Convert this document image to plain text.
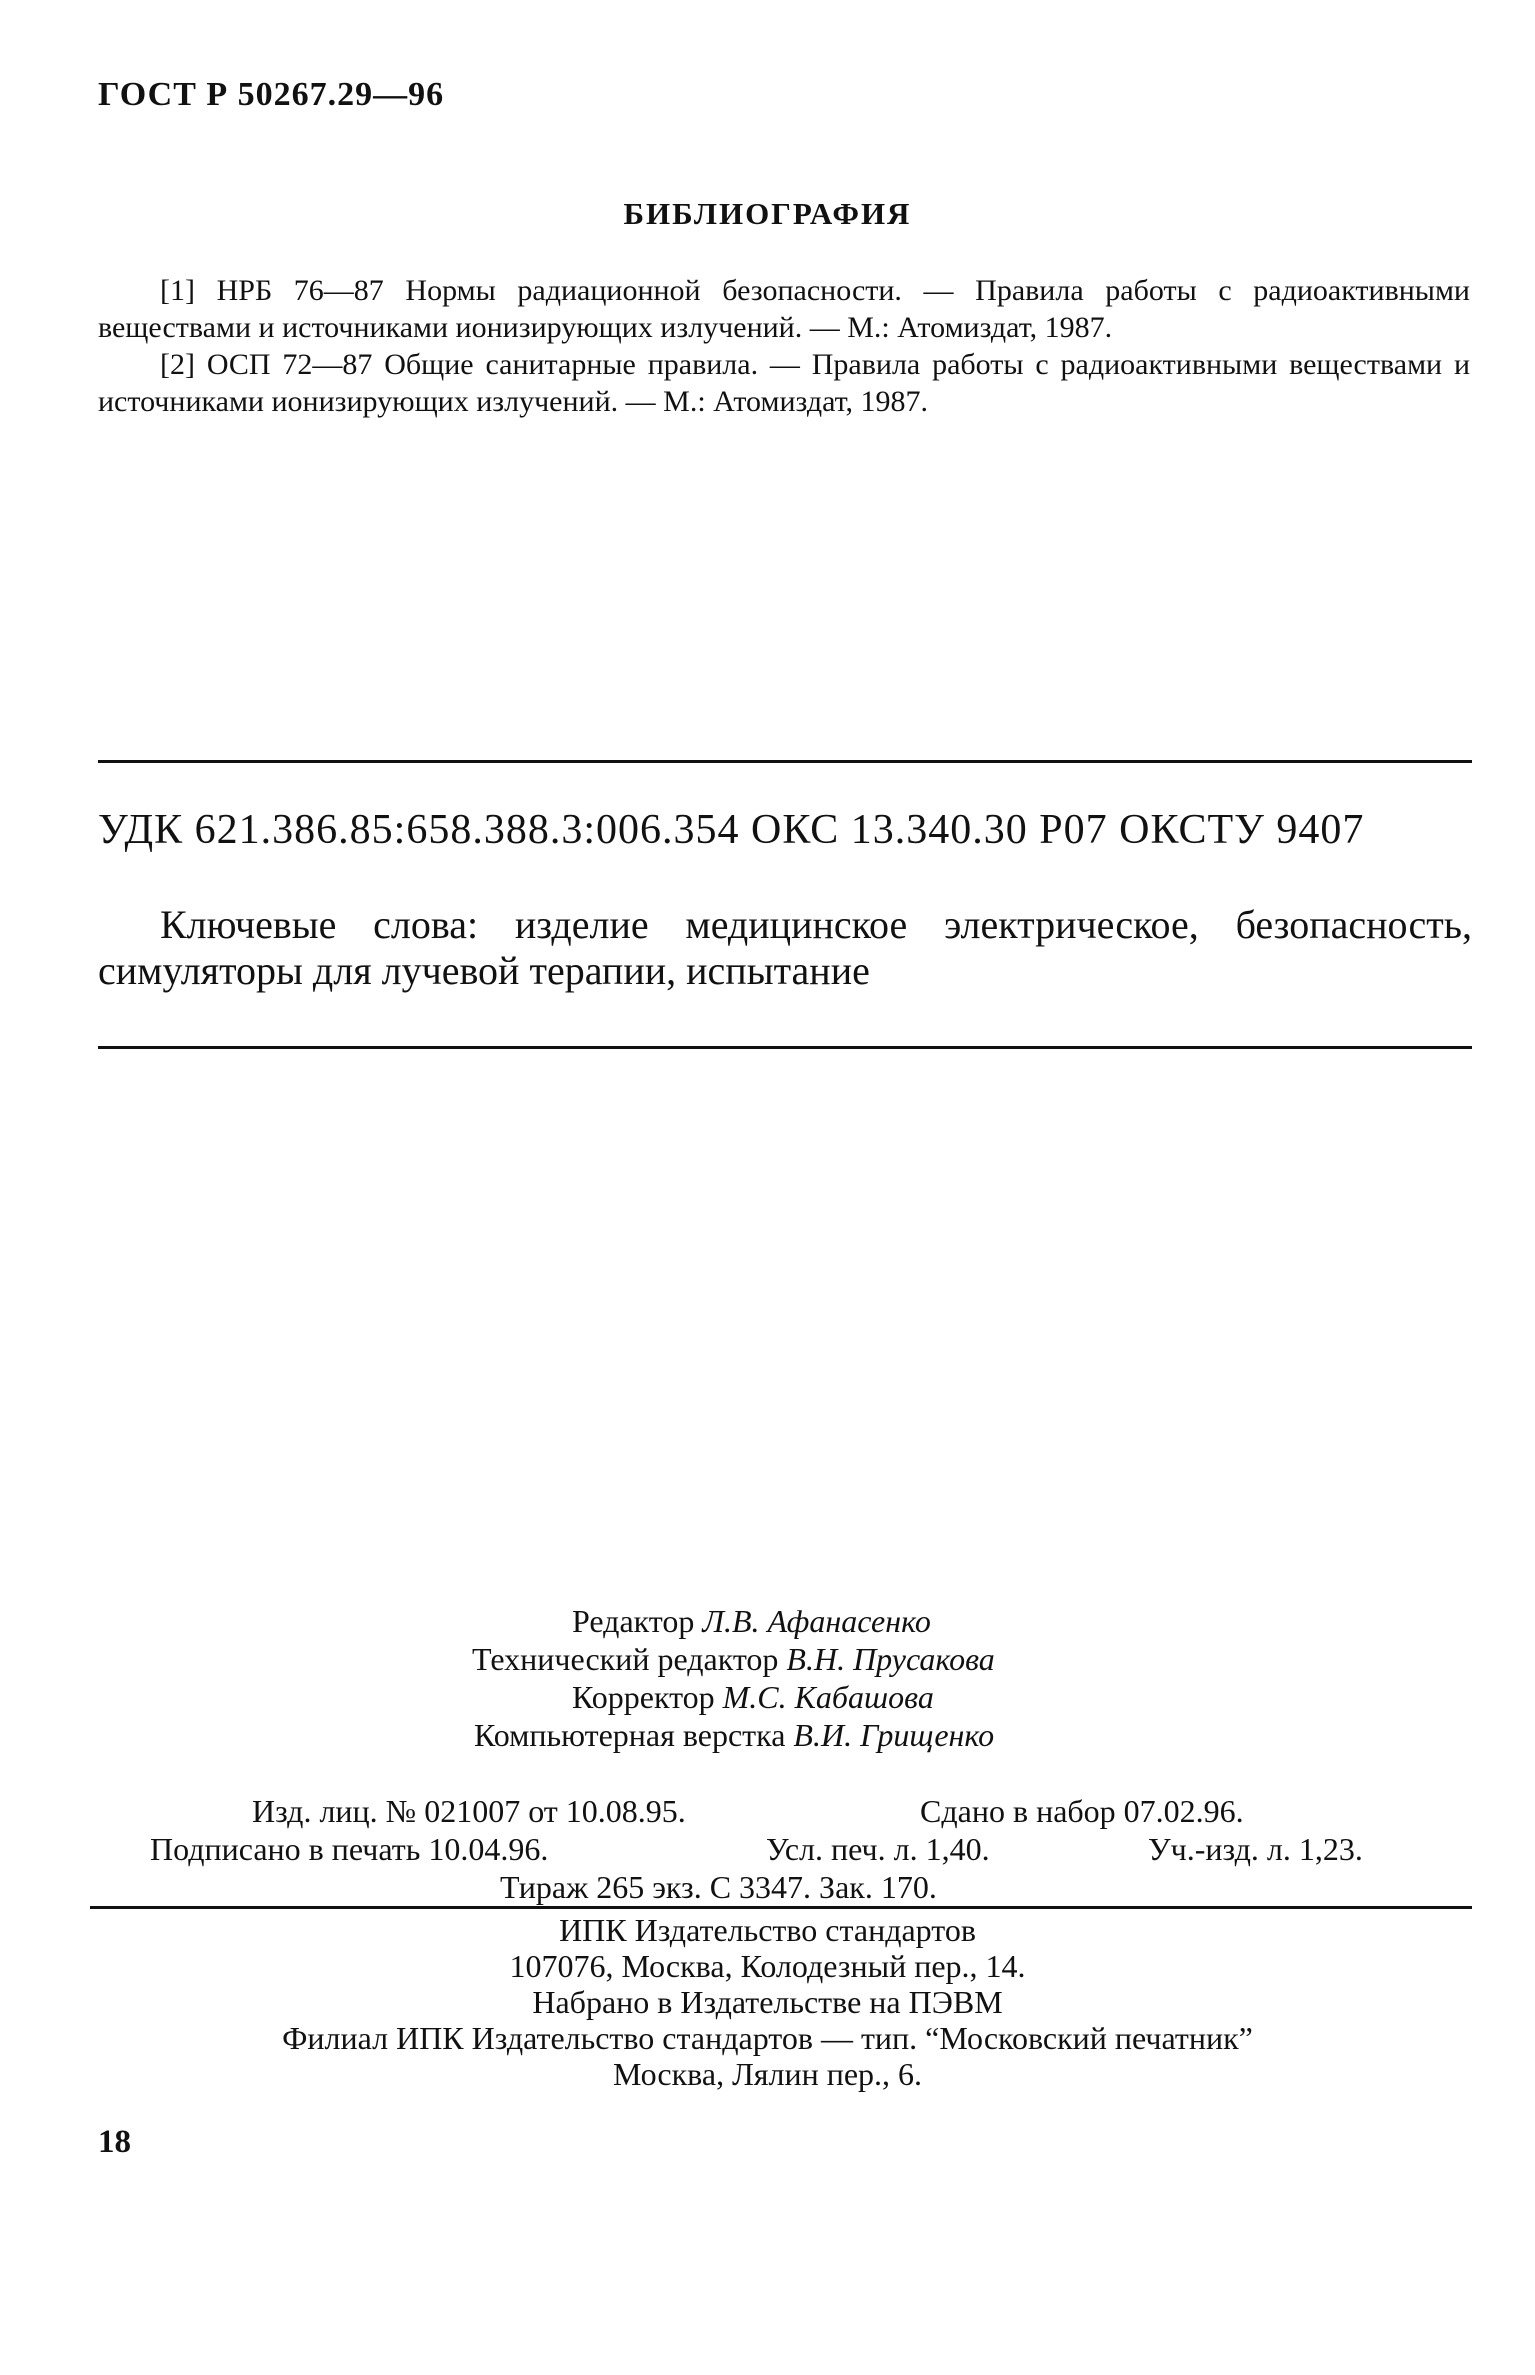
ГОСТ Р 50267.29—96
БИБЛИОГРАФИЯ

[1] НРБ 76—87 Нормы радиационной безопасности. — Правила работы с радиоактивными веществами и источниками ионизирующих излучений. — М.: Атомиздат, 1987.

[2] ОСП 72—87 Общие санитарные правила. — Правила работы с радиоактивными веществами и источниками ионизирующих излучений. — М.: Атомиздат, 1987.

УДК 621.386.85:658.388.3:006.354 ОКС 13.340.30 Р07 ОКСТУ 9407
Ключевые слова: изделие медицинское электрическое, безопасность, симуляторы для лучевой терапии, испытание
Редактор Л.В. Афанасенко
Технический редактор В.Н. Прусакова
Корректор М.С. Кабашова
Компьютерная верстка В.И. Грищенко
Изд. лиц. № 021007 от 10.08.95.	Сдано в набор 07.02.96.
Подписано в печать 10.04.96.	Усл. печ. л. 1,40.	Уч.-изд. л. 1,23.
Тираж 265 экз. С 3347. Зак. 170.
ИПК Издательство стандартов
107076, Москва, Колодезный пер., 14.
Набрано в Издательстве на ПЭВМ
Филиал ИПК Издательство стандартов — тип. “Московский печатник”
Москва, Лялин пер., 6.
18
